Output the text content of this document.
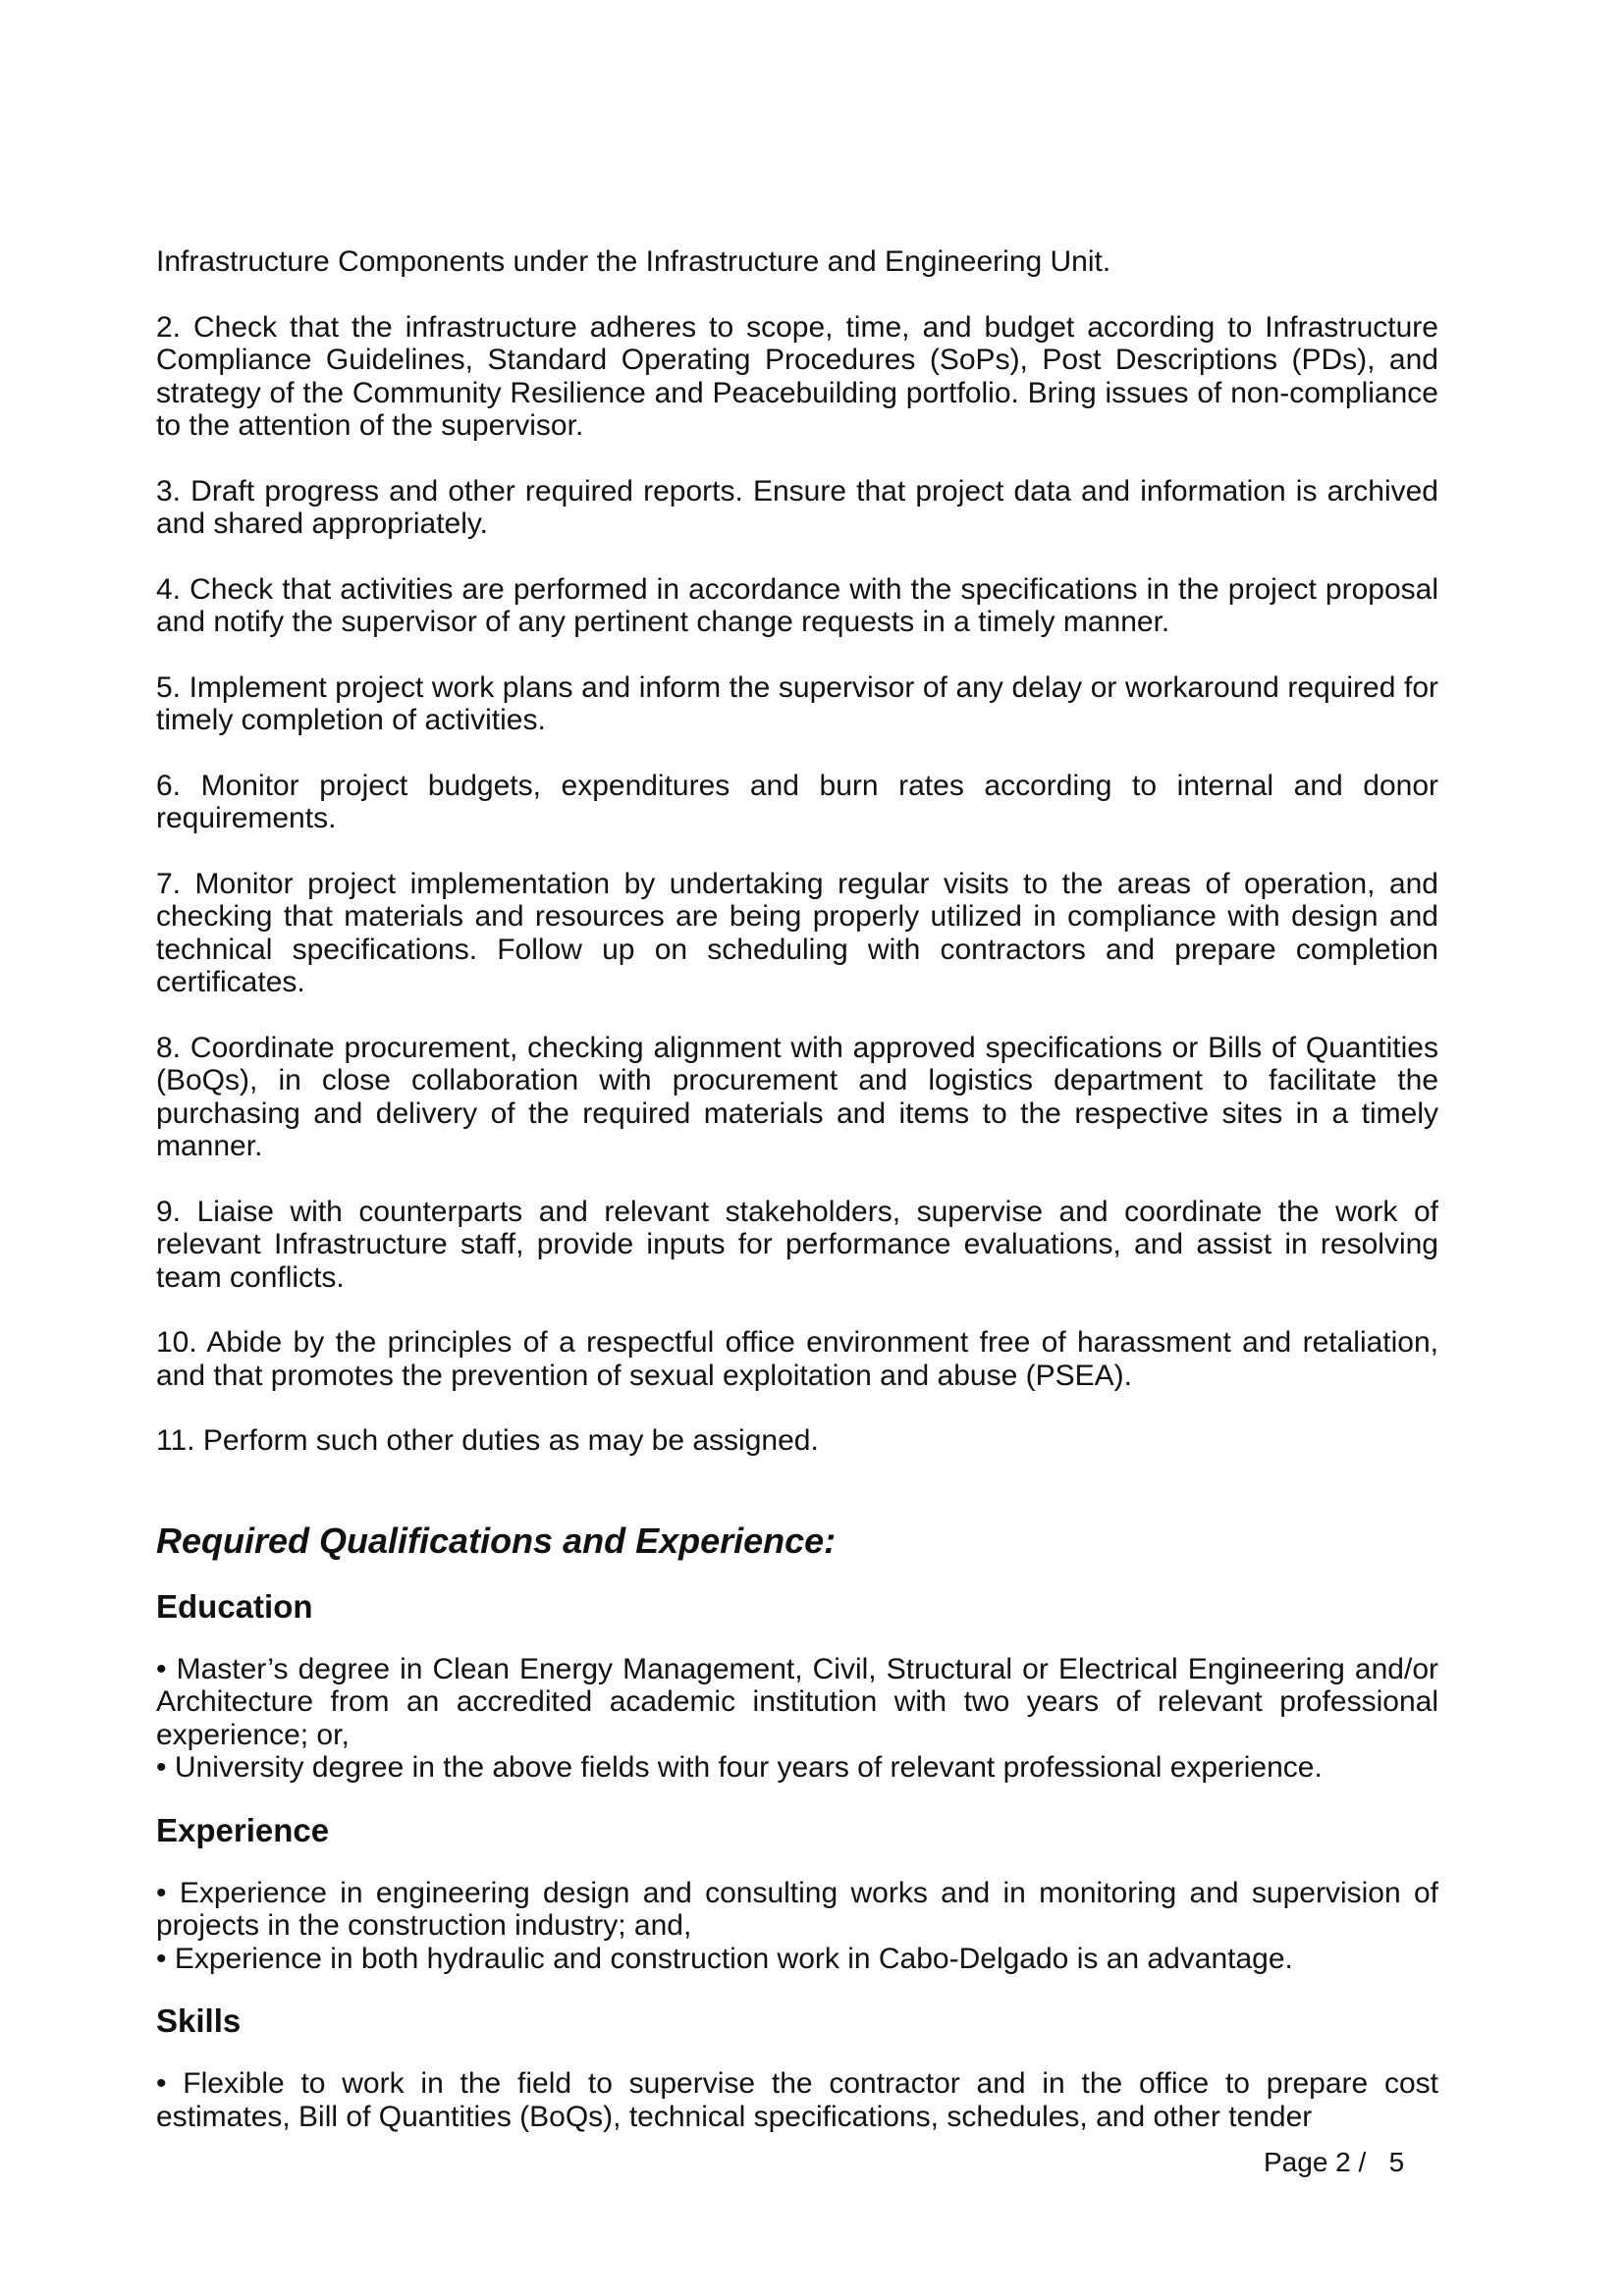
Infrastructure Components under the Infrastructure and Engineering Unit.

2. Check that the infrastructure adheres to scope, time, and budget according to Infrastructure Compliance Guidelines, Standard Operating Procedures (SoPs), Post Descriptions (PDs), and strategy of the Community Resilience and Peacebuilding portfolio. Bring issues of non-compliance to the attention of the supervisor.

3. Draft progress and other required reports. Ensure that project data and information is archived and shared appropriately.

4. Check that activities are performed in accordance with the specifications in the project proposal and notify the supervisor of any pertinent change requests in a timely manner.

5. Implement project work plans and inform the supervisor of any delay or workaround required for timely completion of activities.

6. Monitor project budgets, expenditures and burn rates according to internal and donor requirements.

7. Monitor project implementation by undertaking regular visits to the areas of operation, and checking that materials and resources are being properly utilized in compliance with design and technical specifications. Follow up on scheduling with contractors and prepare completion certificates.

8. Coordinate procurement, checking alignment with approved specifications or Bills of Quantities (BoQs), in close collaboration with procurement and logistics department to facilitate the purchasing and delivery of the required materials and items to the respective sites in a timely manner.

9. Liaise with counterparts and relevant stakeholders, supervise and coordinate the work of relevant Infrastructure staff, provide inputs for performance evaluations, and assist in resolving team conflicts.

10. Abide by the principles of a respectful office environment free of harassment and retaliation, and that promotes the prevention of sexual exploitation and abuse (PSEA).

11. Perform such other duties as may be assigned.

Required Qualifications and Experience:
Education

• Master’s degree in Clean Energy Management, Civil, Structural or Electrical Engineering and/or Architecture from an accredited academic institution with two years of relevant professional experience; or,

• University degree in the above fields with four years of relevant professional experience.

Experience

• Experience in engineering design and consulting works and in monitoring and supervision of projects in the construction industry; and,

• Experience in both hydraulic and construction work in Cabo-Delgado is an advantage.

Skills

• Flexible to work in the field to supervise the contractor and in the office to prepare cost estimates, Bill of Quantities (BoQs), technical specifications, schedules, and other tender

Page 2 /   5
